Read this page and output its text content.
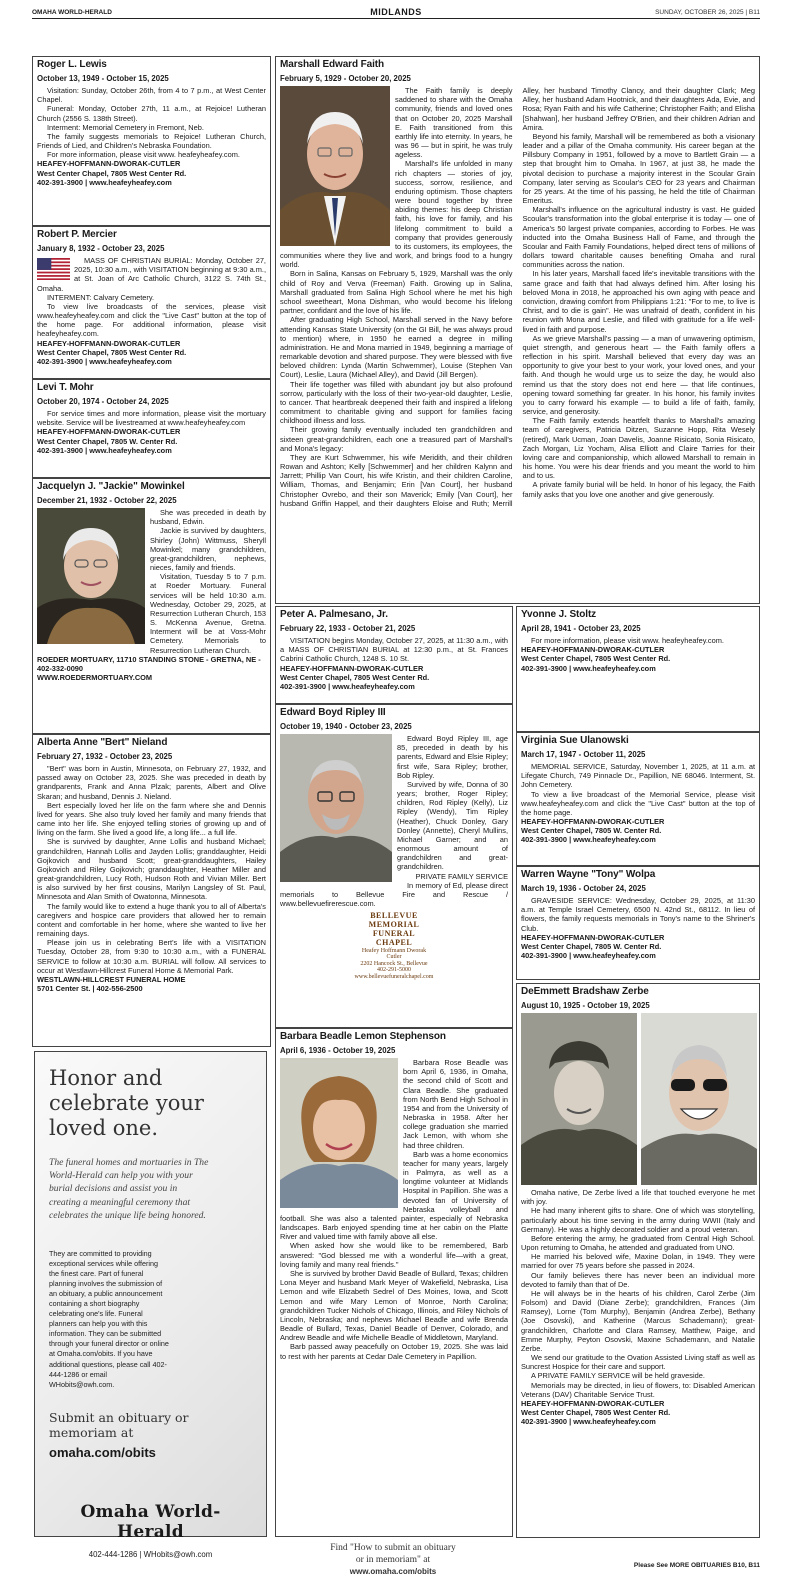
OMAHA WORLD-HERALD	MIDLANDS	SUNDAY, OCTOBER 26, 2025 | B11
Roger L. Lewis
October 13, 1949 - October 15, 2025

Visitation: Sunday, October 26th, from 4 to 7 p.m., at West Center Chapel.

Funeral: Monday, October 27th, 11 a.m., at Rejoice! Lutheran Church (2556 S. 138th Street).

Interment: Memorial Cemetery in Fremont, Neb.

The family suggests memorials to Rejoice! Lutheran Church, Friends of Lied, and Children's Nebraska Foundation.

For more information, please visit www. heafeyheafey.com.

HEAFEY-HOFFMANN-DWORAK-CUTLER

West Center Chapel, 7805 West Center Rd.

402-391-3900 | www.heafeyheafey.com

Robert P. Mercier
January 8, 1932 - October 23, 2025

MASS OF CHRISTIAN BURIAL: Monday, October 27, 2025, 10:30 a.m., with VISITATION beginning at 9:30 a.m., at St. Joan of Arc Catholic Church, 3122 S. 74th St., Omaha.

INTERMENT: Calvary Cemetery.

To view live broadcasts of the services, please visit www.heafeyheafey.com and click the "Live Cast" button at the top of the home page. For additional information, please visit heafeyheafey.com.

HEAFEY-HOFFMANN-DWORAK-CUTLER

West Center Chapel, 7805 West Center Rd.

402-391-3900 | www.heafeyheafey.com

Levi T. Mohr
October 20, 1974 - October 24, 2025

For service times and more information, please visit the mortuary website. Service will be livestreamed at www.heafeyheafey.com

HEAFEY-HOFFMANN-DWORAK-CUTLER

West Center Chapel, 7805 W. Center Rd.

402-391-3900 | www.heafeyheafey.com

Jacquelyn J. "Jackie" Mowinkel
December 21, 1932 - October 22, 2025

She was preceded in death by husband, Edwin.

Jackie is survived by daughters, Shirley (John) Wittmuss, Sheryll Mowinkel; many grandchildren, great-grandchildren, nephews, nieces, family and friends.

Visitation, Tuesday 5 to 7 p.m. at Roeder Mortuary. Funeral services will be held 10:30 a.m. Wednesday, October 29, 2025, at Resurrection Lutheran Church, 153 S. McKenna Avenue, Gretna. Interment will be at Voss-Mohr Cemetery. Memorials to Resurrection Lutheran Church.

ROEDER MORTUARY, 11710 STANDING STONE - GRETNA, NE - 402-332-0090

WWW.ROEDERMORTUARY.COM

Alberta Anne "Bert" Nieland
February 27, 1932 - October 23, 2025

"Bert" was born in Austin, Minnesota, on February 27, 1932, and passed away on October 23, 2025. She was preceded in death by grandparents, Frank and Anna Plzak; parents, Albert and Olive Skaran; and husband, Dennis J. Nieland.

Bert especially loved her life on the farm where she and Dennis lived for years. She also truly loved her family and many friends that came into her life. She enjoyed telling stories of growing up and of living on the farm. She lived a good life, a long life... a full life.

She is survived by daughter, Anne Lollis and husband Michael; grandchildren, Hannah Lollis and Jayden Lollis; granddaughter, Heidi Gojkovich and husband Scott; great-granddaughters, Hailey Gojkovich and Riley Gojkovich; granddaughter, Heather Miller and great-grandchildren, Lucy Roth, Hudson Roth and Vivian Miller. Bert is also survived by her first cousins, Marilyn Langsley of St. Paul, Minnesota and Alan Smith of Owatonna, Minnesota.

The family would like to extend a huge thank you to all of Alberta's caregivers and hospice care providers that allowed her to remain content and comfortable in her home, where she wanted to live her remaining days.

Please join us in celebrating Bert's life with a VISITATION Tuesday, October 28, from 9:30 to 10:30 a.m., with a FUNERAL SERVICE to follow at 10:30 a.m. BURIAL will follow. All services to occur at Westlawn-Hillcrest Funeral Home & Memorial Park.

WESTLAWN-HILLCREST FUNERAL HOME

5701 Center St. | 402-556-2500

Honor and celebrate your loved one.
The funeral homes and mortuaries in The World-Herald can help you with your burial decisions and assist you in creating a meaningful ceremony that celebrates the unique life being honored.
They are committed to providing exceptional services while offering the finest care. Part of funeral planning involves the submission of an obituary, a public announcement containing a short biography celebrating one's life. Funeral planners can help you with this information. They can be submitted through your funeral director or online at Omaha.com/obits. If you have additional questions, please call 402-444-1286 or email WHobits@owh.com.
Submit an obituary or memoriam at
omaha.com/obits
Omaha World-Herald
402-444-1286 | WHobits@owh.com
Marshall Edward Faith
February 5, 1929 - October 20, 2025

The Faith family is deeply saddened to share with the Omaha community, friends and loved ones that on October 20, 2025 Marshall E. Faith transitioned from this earthly life into eternity. In years, he was 96 — but in spirit, he was truly ageless.

Marshall's life unfolded in many rich chapters — stories of joy, success, sorrow, resilience, and enduring optimism. Those chapters were bound together by three abiding themes: his deep Christian faith, his love for family, and his lifelong commitment to build a company that provides generously to its customers, its employees, the communities where they live and work, and brings food to a hungry world.

Born in Salina, Kansas on February 5, 1929, Marshall was the only child of Roy and Verva (Freeman) Faith. Growing up in Salina, Marshall graduated from Salina High School where he met his high school sweetheart, Mona Dishman, who would become his lifelong partner, confidant and the love of his life.

After graduating High School, Marshall served in the Navy before attending Kansas State University (on the GI Bill, he was always proud to mention) where, in 1950 he earned a degree in milling administration. He and Mona married in 1949, beginning a marriage of remarkable devotion and shared purpose. They were blessed with five beloved children: Lynda (Martin Schwemmer), Louise (Stephen Van Court), Leslie, Laura (Michael Alley), and David (Jill Bergen).

Their life together was filled with abundant joy but also profound sorrow, particularly with the loss of their two-year-old daughter, Leslie, to cancer. That heartbreak deepened their faith and inspired a lifelong commitment to charitable giving and support for families facing childhood illness and loss.

Their growing family eventually included ten grandchildren and sixteen great-grandchildren, each one a treasured part of Marshall's and Mona's legacy:

They are Kurt Schwemmer, his wife Meridith, and their children Rowan and Ashton; Kelly [Schwemmer] and her children Kalynn and Jarrett; Phillip Van Court, his wife Kristin, and their children Caroline, William, Thomas, and Benjamin; Erin [Van Court], her husband Christopher Ovrebo, and their son Maverick; Emily [Van Court], her husband Griffin Happel, and their daughters Eloise and Ruth; Merrill Alley, her husband Timothy Clancy, and their daughter Clark; Meg Alley, her husband Adam Hootnick, and their daughters Ada, Evie, and Rosa; Ryan Faith and his wife Catherine; Christopher Faith; and Elisha [Shahwan], her husband Jeffrey O'Brien, and their children Adrian and Amira.

Beyond his family, Marshall will be remembered as both a visionary leader and a pillar of the Omaha community. His career began at the Pillsbury Company in 1951, followed by a move to Bartlett Grain — a step that brought him to Omaha. In 1967, at just 38, he made the pivotal decision to purchase a majority interest in the Scoular Grain Company, later serving as Scoular's CEO for 23 years and Chairman for 25 years. At the time of his passing, he held the title of Chairman Emeritus.

Marshall's influence on the agricultural industry is vast. He guided Scoular's transformation into the global enterprise it is today — one of America's 50 largest private companies, according to Forbes. He was inducted into the Omaha Business Hall of Fame, and through the Scoular and Faith Family Foundations, helped direct tens of millions of dollars toward charitable causes benefiting Omaha and rural communities across the nation.

In his later years, Marshall faced life's inevitable transitions with the same grace and faith that had always defined him. After losing his beloved Mona in 2018, he approached his own aging with peace and conviction, drawing comfort from Philippians 1:21: "For to me, to live is Christ, and to die is gain". He was unafraid of death, confident in his reunion with Mona and Leslie, and filled with gratitude for a life well-lived in faith and purpose.

As we grieve Marshall's passing — a man of unwavering optimism, quiet strength, and generous heart — the Faith family offers a reflection in his spirit. Marshall believed that every day was an opportunity to give your best to your work, your loved ones, and your faith. And though he would urge us to seize the day, he would also remind us that the story does not end here — that life continues, opening toward something far greater. In his honor, his family invites you to carry forward his example — to build a life of faith, family, service, and generosity.

The Faith family extends heartfelt thanks to Marshall's amazing team of caregivers, Patricia Ditzen, Suzanne Hopp, Rita Wesely (retired), Mark Ucman, Joan Davelis, Joanne Risicato, Sonia Risicato, Zach Morgan, Liz Yocham, Alisa Elliott and Claire Tarries for their loving care and companionship, which allowed Marshall to remain in his home. You were his dear friends and you meant the world to him and to us.

A private family burial will be held. In honor of his legacy, the Faith family asks that you love one another and give generously.

Peter A. Palmesano, Jr.
February 22, 1933 - October 21, 2025

VISITATION begins Monday, October 27, 2025, at 11:30 a.m., with a MASS OF CHRISTIAN BURIAL at 12:30 p.m., at St. Frances Cabrini Catholic Church, 1248 S. 10 St.

HEAFEY-HOFFMANN-DWORAK-CUTLER

West Center Chapel, 7805 West Center Rd.

402-391-3900 | www.heafeyheafey.com

Edward Boyd Ripley III
October 19, 1940 - October 23, 2025

Edward Boyd Ripley III, age 85, preceded in death by his parents, Edward and Elsie Ripley; first wife, Sara Ripley; brother, Bob Ripley.

Survived by wife, Donna of 30 years; brother, Roger Ripley; children, Rod Ripley (Kelly), Liz Ripley (Wendy), Tim Ripley (Heather), Chuck Donley, Gary Donley (Annette), Cheryl Mullins, Michael Garner; and an enormous amount of grandchildren and great-grandchildren.

PRIVATE FAMILY SERVICE

In memory of Ed, please direct memorials to Bellevue Fire and Rescue / www.bellevuefirerescue.com.

BELLEVUE MEMORIAL
FUNERAL CHAPEL
Heafey Hoffmann Dworak Cutler
2202 Hancock St., Bellevue
402-291-5000
www.bellevuefuneralchapel.com
Barbara Beadle Lemon Stephenson
April 6, 1936 - October 19, 2025

Barbara Rose Beadle was born April 6, 1936, in Omaha, the second child of Scott and Clara Beadle. She graduated from North Bend High School in 1954 and from the University of Nebraska in 1958. After her college graduation she married Jack Lemon, with whom she had three children.

Barb was a home economics teacher for many years, largely in Palmyra, as well as a longtime volunteer at Midlands Hospital in Papillion. She was a devoted fan of University of Nebraska volleyball and football. She was also a talented painter, especially of Nebraska landscapes. Barb enjoyed spending time at her cabin on the Platte River and valued time with family above all else.

When asked how she would like to be remembered, Barb answered: "God blessed me with a wonderful life—with a great, loving family and many real friends."

She is survived by brother David Beadle of Bullard, Texas; children Lona Meyer and husband Mark Meyer of Wakefield, Nebraska, Lisa Lemon and wife Elizabeth Sedrel of Des Moines, Iowa, and Scott Lemon and wife Mary Lemon of Monroe, North Carolina; grandchildren Tucker Nichols of Chicago, Illinois, and Riley Nichols of Lincoln, Nebraska; and nephews Michael Beadle and wife Brenda Beadle of Bullard, Texas, Daniel Beadle of Denver, Colorado, and Andrew Beadle and wife Michelle Beadle of Middletown, Maryland.

Barb passed away peacefully on October 19, 2025. She was laid to rest with her parents at Cedar Dale Cemetery in Papillion.

Find "How to submit an obituary
or in memoriam" at
www.omaha.com/obits
Yvonne J. Stoltz
April 28, 1941 - October 23, 2025

For more information, please visit www. heafeyheafey.com.

HEAFEY-HOFFMANN-DWORAK-CUTLER

West Center Chapel, 7805 West Center Rd.

402-391-3900 | www.heafeyheafey.com

Virginia Sue Ulanowski
March 17, 1947 - October 11, 2025

MEMORIAL SERVICE, Saturday, November 1, 2025, at 11 a.m. at Lifegate Church, 749 Pinnacle Dr., Papillion, NE 68046. Interment, St. John Cemetery.

To view a live broadcast of the Memorial Service, please visit www.heafeyheafey.com and click the "Live Cast" button at the top of the home page.

HEAFEY-HOFFMANN-DWORAK-CUTLER

West Center Chapel, 7805 W. Center Rd.

402-391-3900 | www.heafeyheafey.com

Warren Wayne "Tony" Wolpa
March 19, 1936 - October 24, 2025

GRAVESIDE SERVICE: Wednesday, October 29, 2025, at 11:30 a.m. at Temple Israel Cemetery, 6500 N. 42nd St., 68112. In lieu of flowers, the family requests memorials in Tony's name to the Shriner's Club.

HEAFEY-HOFFMANN-DWORAK-CUTLER

West Center Chapel, 7805 W. Center Rd.

402-391-3900 | www.heafeyheafey.com

DeEmmett Bradshaw Zerbe
August 10, 1925 - October 19, 2025

Omaha native, De Zerbe lived a life that touched everyone he met with joy.

He had many inherent gifts to share. One of which was storytelling, particularly about his time serving in the army during WWII (Italy and Germany). He was a highly decorated soldier and a proud veteran.

Before entering the army, he graduated from Central High School. Upon returning to Omaha, he attended and graduated from UNO.

He married his beloved wife, Maxine Dolan, in 1949. They were married for over 75 years before she passed in 2024.

Our family believes there has never been an individual more devoted to family than that of De.

He will always be in the hearts of his children, Carol Zerbe (Jim Folsom) and David (Diane Zerbe); grandchildren, Frances (Jim Ramsey), Lorne (Tom Murphy), Benjamin (Andrea Zerbe), Bethany (Joe Osovski), and Katherine (Marcus Schademann); great-grandchildren, Charlotte and Clara Ramsey, Matthew, Paige, and Emme Murphy, Peyton Osovski, Maxine Schademann, and Natalie Zerbe.

We send our gratitude to the Ovation Assisted Living staff as well as Suncrest Hospice for their care and support.

A PRIVATE FAMILY SERVICE will be held graveside.

Memorials may be directed, in lieu of flowers, to: Disabled American Veterans (DAV) Charitable Service Trust.

HEAFEY-HOFFMANN-DWORAK-CUTLER

West Center Chapel, 7805 West Center Rd.

402-391-3900 | www.heafeyheafey.com

Please See MORE OBITUARIES B10, B11
